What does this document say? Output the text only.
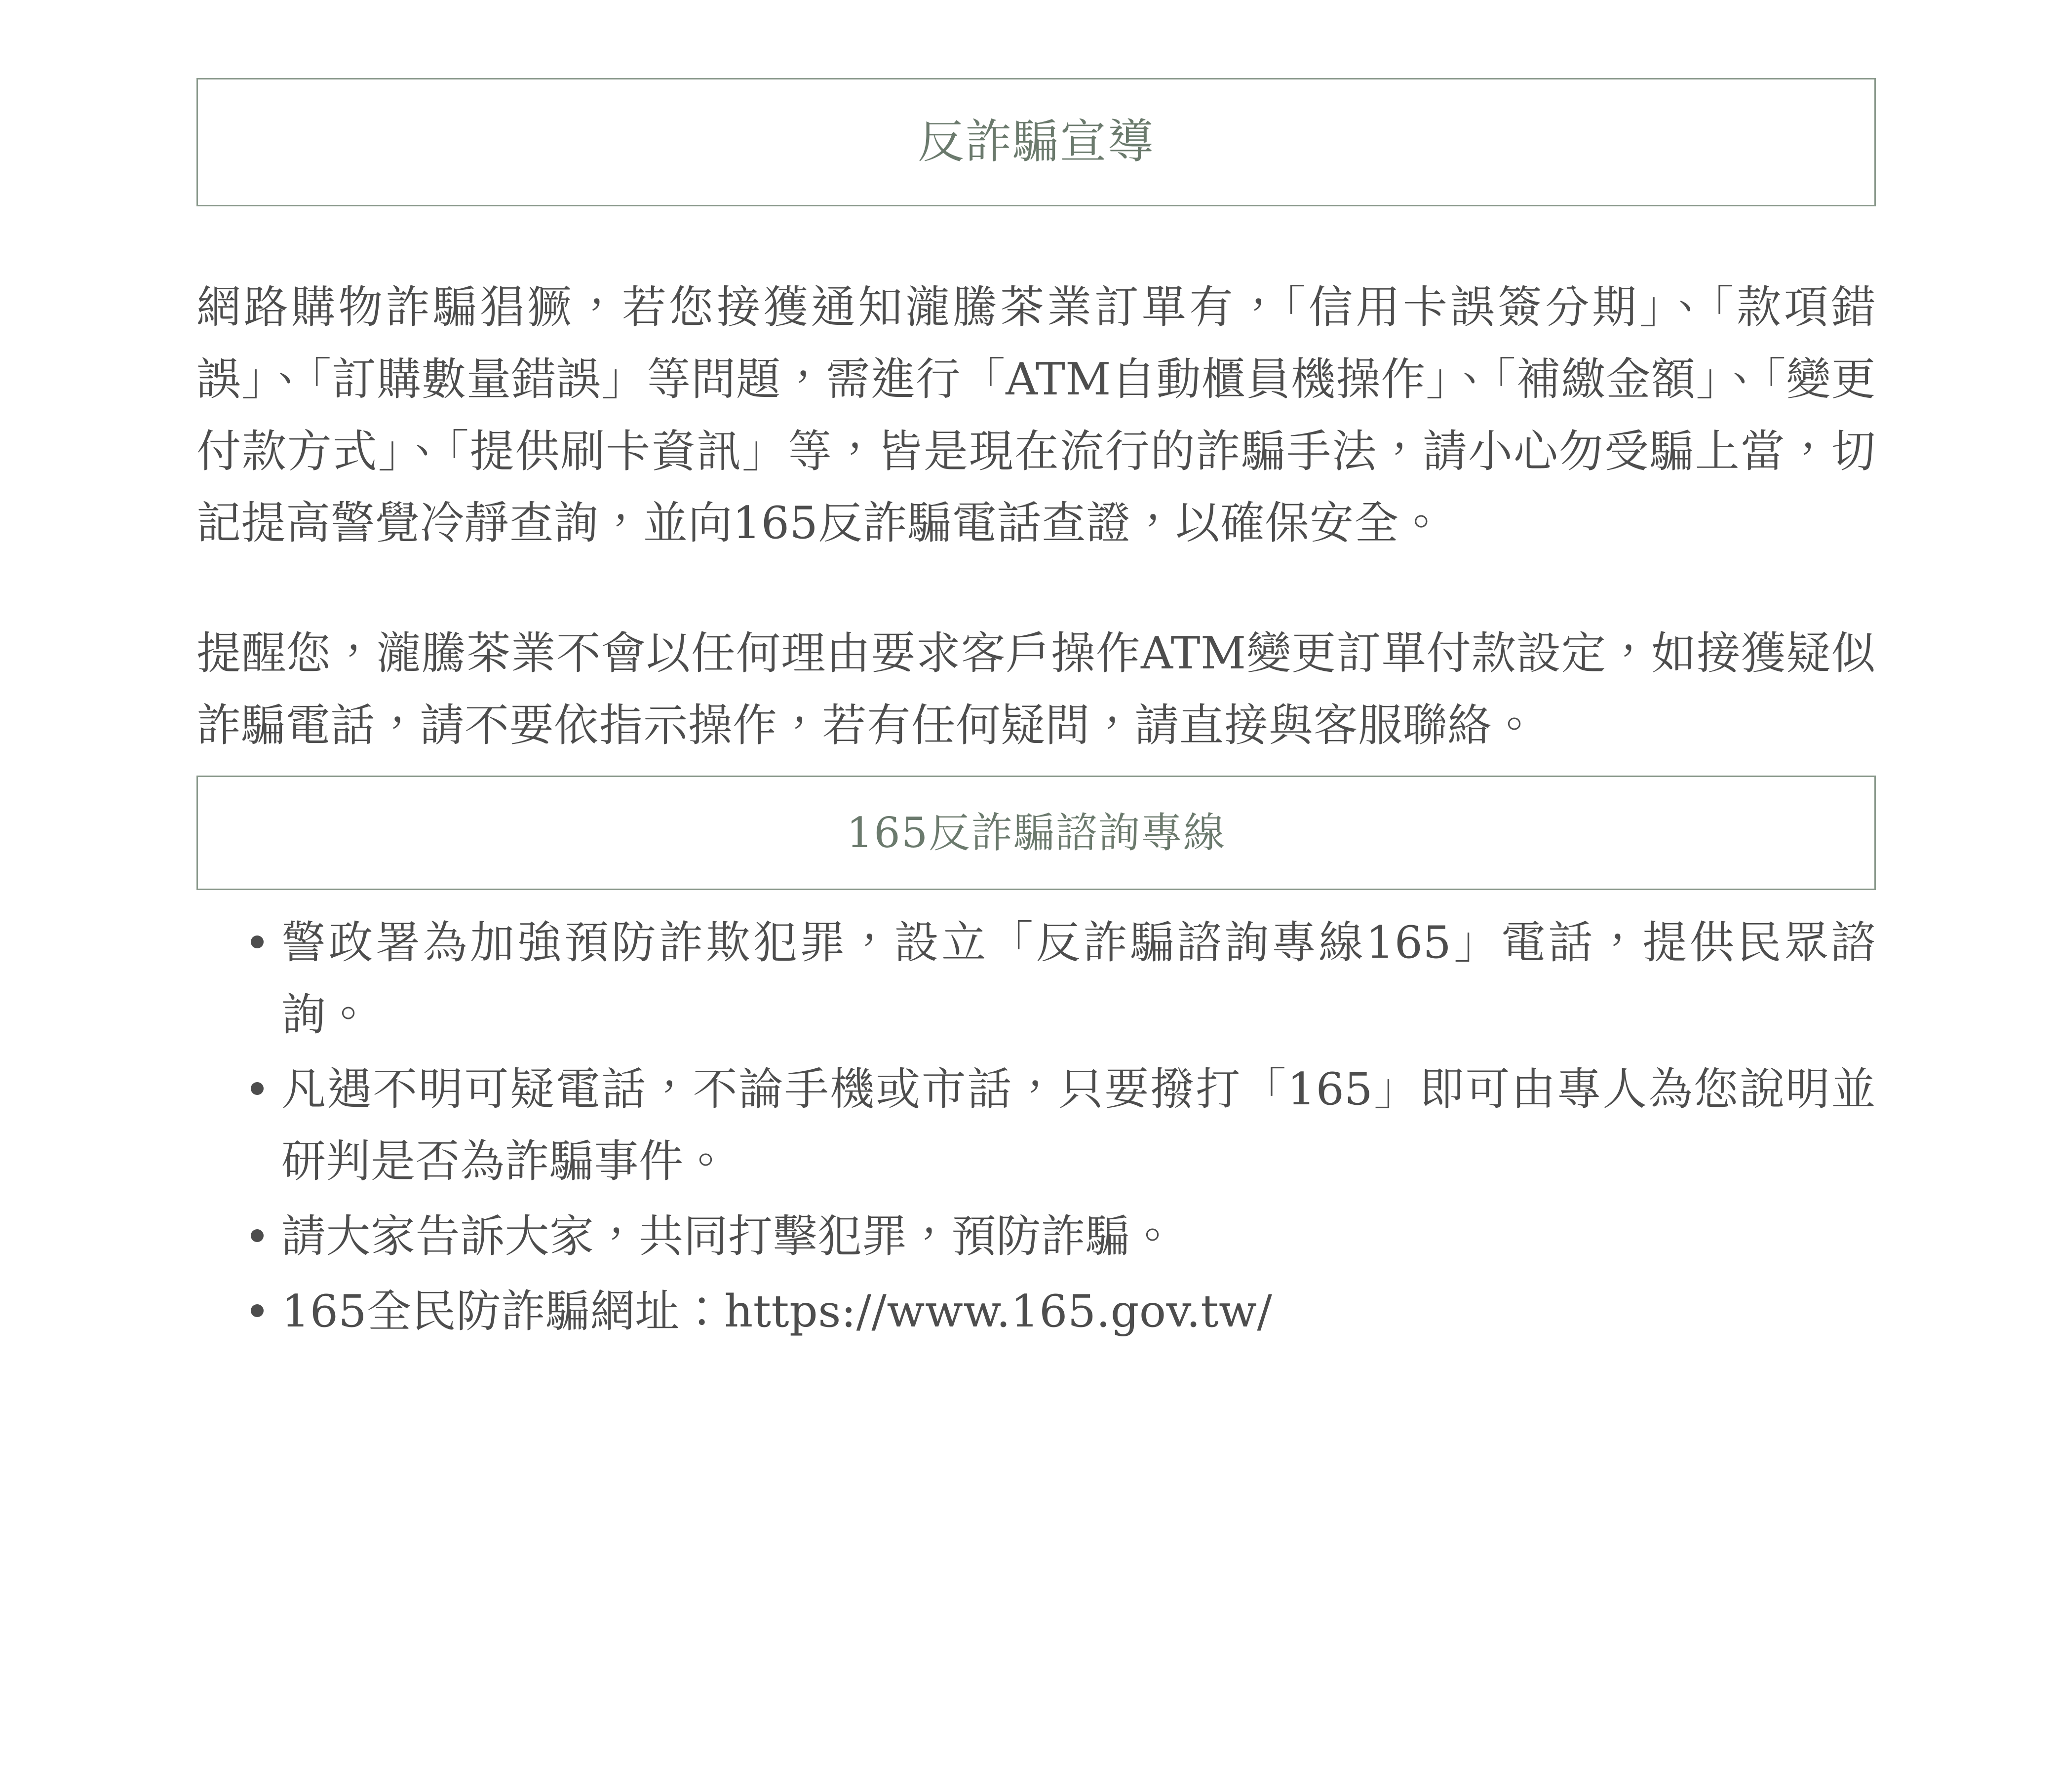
反詐騙宣導

網路購物詐騙猖獗，若您接獲通知瀧騰茶業訂單有，「信用卡誤簽分期」、「款項錯誤」、「訂購數量錯誤」等問題，需進行「ATM自動櫃員機操作」、「補繳金額」、「變更付款方式」、「提供刷卡資訊」等，皆是現在流行的詐騙手法，請小心勿受騙上當，切記提高警覺冷靜查詢，並向165反詐騙電話查證，以確保安全。

提醒您，瀧騰茶業不會以任何理由要求客戶操作ATM變更訂單付款設定，如接獲疑似詐騙電話，請不要依指示操作，若有任何疑問，請直接與客服聯絡。

165反詐騙諮詢專線
警政署為加強預防詐欺犯罪，設立「反詐騙諮詢專線165」電話，提供民眾諮詢。
凡遇不明可疑電話，不論手機或市話，只要撥打「165」即可由專人為您說明並研判是否為詐騙事件。
請大家告訴大家，共同打擊犯罪，預防詐騙。
165全民防詐騙網址：https://www.165.gov.tw/
